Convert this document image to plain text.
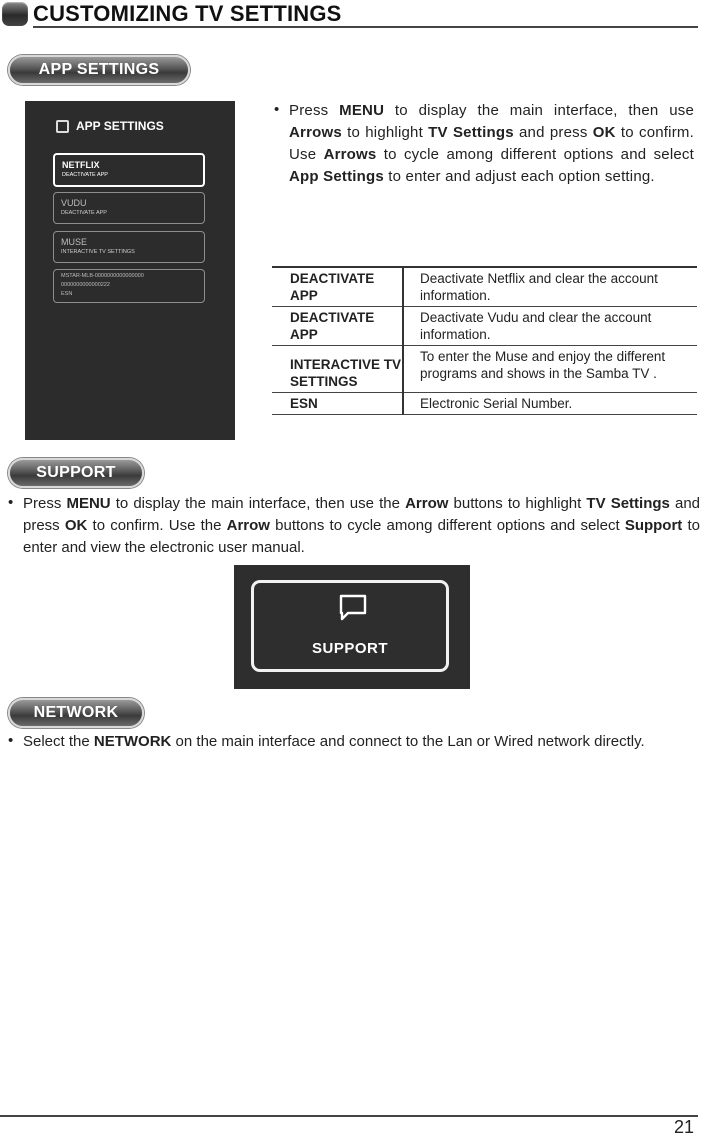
CUSTOMIZING TV SETTINGS
APP SETTINGS
APP SETTINGS
NETFLIX
DEACTIVATE APP
VUDU
DEACTIVATE APP
MUSE
INTERACTIVE TV SETTINGS
MSTAR-MLB-0000000000000000
0000000000000222
ESN
• Press MENU to display the main interface, then use Arrows to highlight TV Settings and press OK to confirm. Use Arrows to cycle among different options and select App Settings to enter and adjust each option setting.
DEACTIVATE APP	Deactivate Netflix and clear the account information.
DEACTIVATE APP	Deactivate Vudu and clear the account information.
INTERACTIVE TV SETTINGS	To enter the Muse and enjoy the different programs and shows in the Samba TV .
ESN	Electronic Serial Number.
SUPPORT
• Press MENU to display the main interface, then use the Arrow buttons to highlight TV Settings and press OK to confirm. Use the Arrow buttons to cycle among different options and select Support to enter and view the electronic user manual.
SUPPORT
NETWORK
• Select the NETWORK on the main interface and connect to the Lan or Wired network directly.
21
